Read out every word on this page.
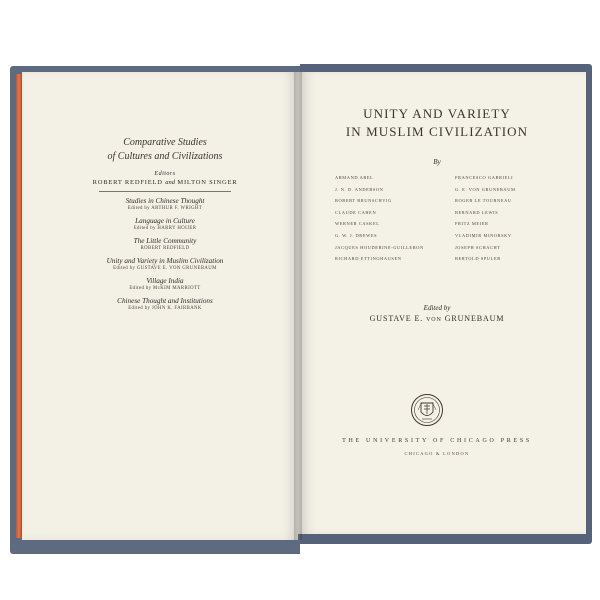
Comparative Studies
of Cultures and Civilizations
Editors
ROBERT REDFIELD and MILTON SINGER
Studies in Chinese Thought
Edited by ARTHUR F. WRIGHT
Language in Culture
Edited by HARRY HOIJER
The Little Community
ROBERT REDFIELD
Unity and Variety in Muslim Civilization
Edited by GUSTAVE E. VON GRUNEBAUM
Village India
Edited by McKIM MARRIOTT
Chinese Thought and Institutions
Edited by JOHN K. FAIRBANK
UNITY AND VARIETY
IN MUSLIM CIVILIZATION
By
ARMAND ABEL
J. N. D. ANDERSON
ROBERT BRUNSCHVIG
CLAUDE CAHEN
WERNER CASKEL
G. W. J. DREWES
JACQUES HOUDEBINE-GUILLERON
RICHARD ETTINGHAUSEN
FRANCESCO GABRIELI
G. E. VON GRUNEBAUM
ROGER LE TOURNEAU
BERNARD LEWIS
FRITZ MEIER
VLADIMIR MINORSKY
JOSEPH SCHACHT
BERTOLD SPULER
Edited by
GUSTAVE E. VON GRUNEBAUM
THE UNIVERSITY OF CHICAGO PRESS
CHICAGO & LONDON
